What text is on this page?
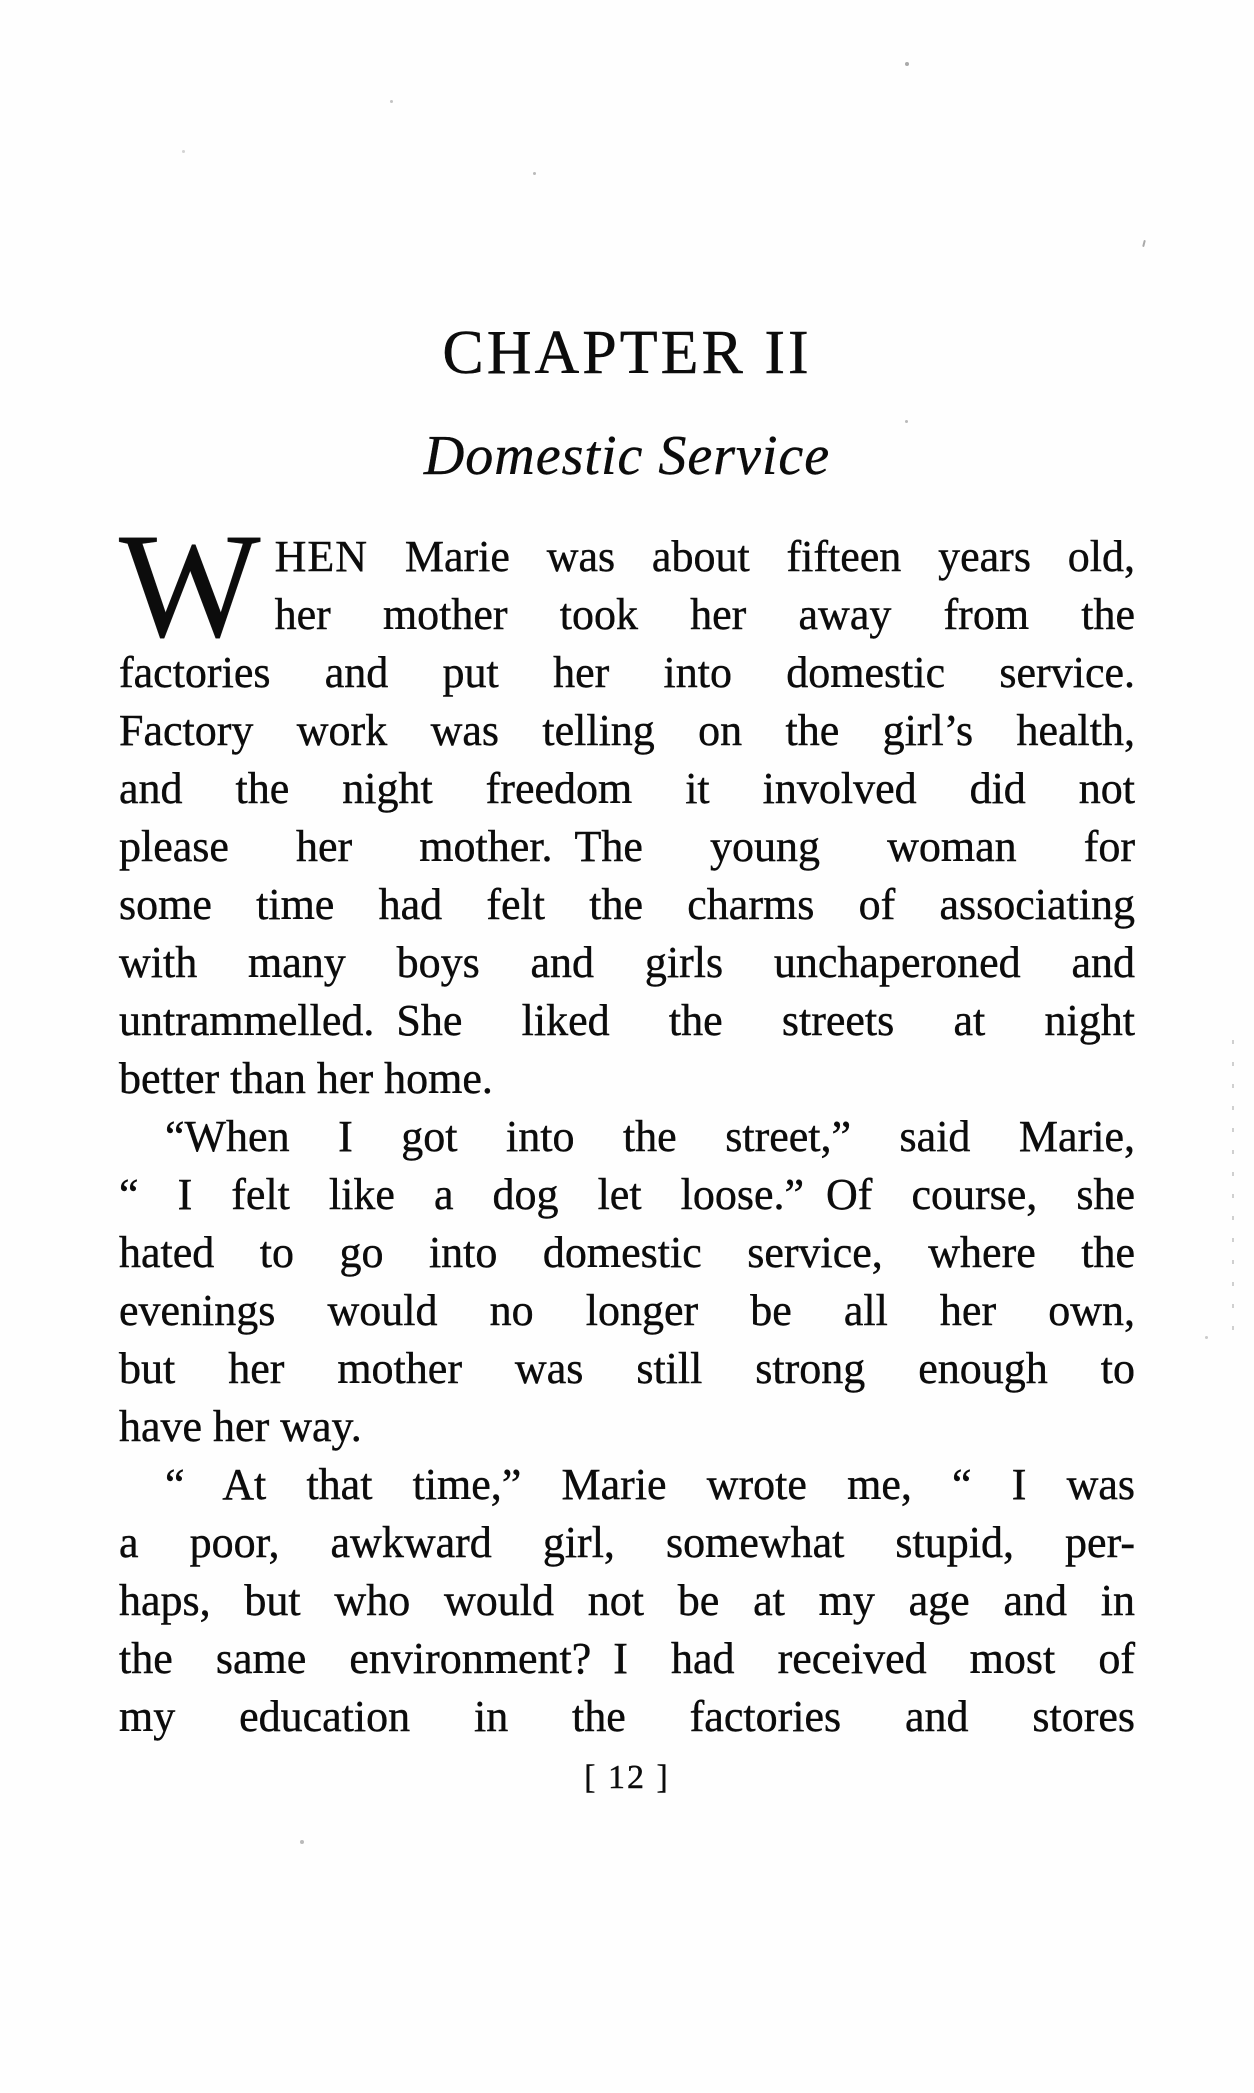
CHAPTER II
Domestic Service
W HEN Marie was about fifteen years old,
her mother took her away from the
factories and put her into domestic service.
Factory work was telling on the girl’s health,
and the night freedom it involved did not
please her mother. The young woman for
some time had felt the charms of associating
with many boys and girls unchaperoned and
untrammelled. She liked the streets at night
better than her home.
“When I got into the street,” said Marie,
“ I felt like a dog let loose.” Of course, she
hated to go into domestic service, where the
evenings would no longer be all her own,
but her mother was still strong enough to
have her way.
“ At that time,” Marie wrote me, “ I was
a poor, awkward girl, somewhat stupid, per-
haps, but who would not be at my age and in
the same environment? I had received most of
my education in the factories and stores
[ 12 ]
